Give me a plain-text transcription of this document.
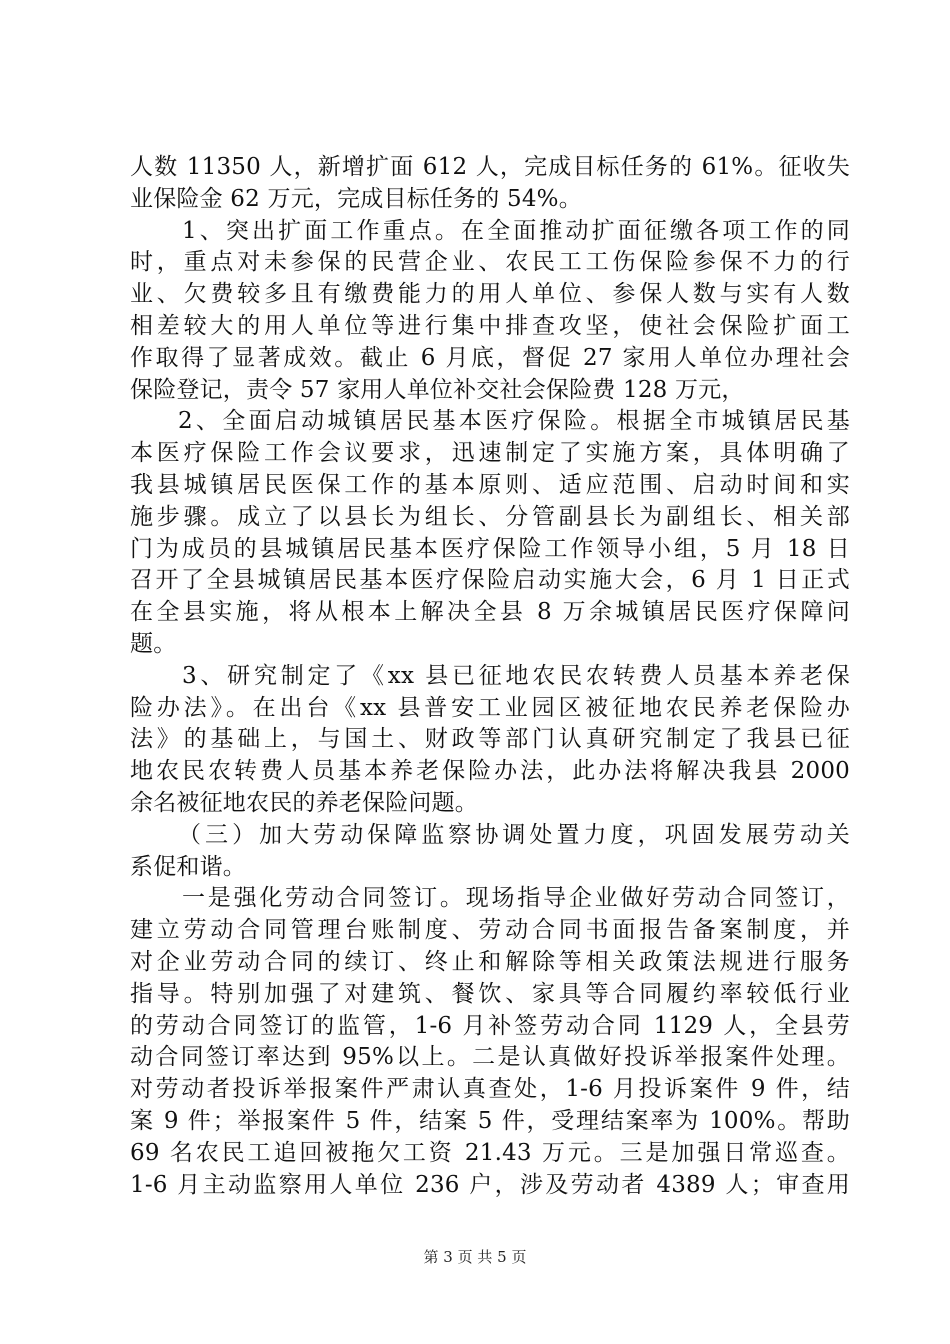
人数 11350 人，新增扩面 612 人，完成目标任务的 61%。征收失
业保险金 62 万元，完成目标任务的 54%。
1、突出扩面工作重点。在全面推动扩面征缴各项工作的同
时，重点对未参保的民营企业、农民工工伤保险参保不力的行
业、欠费较多且有缴费能力的用人单位、参保人数与实有人数
相差较大的用人单位等进行集中排查攻坚，使社会保险扩面工
作取得了显著成效。截止 6 月底，督促 27 家用人单位办理社会
保险登记，责令 57 家用人单位补交社会保险费 128 万元，
2、全面启动城镇居民基本医疗保险。根据全市城镇居民基
本医疗保险工作会议要求，迅速制定了实施方案，具体明确了
我县城镇居民医保工作的基本原则、适应范围、启动时间和实
施步骤。成立了以县长为组长、分管副县长为副组长、相关部
门为成员的县城镇居民基本医疗保险工作领导小组，5 月 18 日
召开了全县城镇居民基本医疗保险启动实施大会，6 月 1 日正式
在全县实施，将从根本上解决全县 8 万余城镇居民医疗保障问
题。
3、研究制定了《xx 县已征地农民农转费人员基本养老保
险办法》。在出台《xx 县普安工业园区被征地农民养老保险办
法》的基础上，与国土、财政等部门认真研究制定了我县已征
地农民农转费人员基本养老保险办法，此办法将解决我县 2000
余名被征地农民的养老保险问题。
（三）加大劳动保障监察协调处置力度，巩固发展劳动关
系促和谐。
一是强化劳动合同签订。现场指导企业做好劳动合同签订，
建立劳动合同管理台账制度、劳动合同书面报告备案制度，并
对企业劳动合同的续订、终止和解除等相关政策法规进行服务
指导。特别加强了对建筑、餐饮、家具等合同履约率较低行业
的劳动合同签订的监管，1-6 月补签劳动合同 1129 人，全县劳
动合同签订率达到 95%以上。二是认真做好投诉举报案件处理。
对劳动者投诉举报案件严肃认真查处，1-6 月投诉案件 9 件，结
案 9 件；举报案件 5 件，结案 5 件，受理结案率为 100%。帮助
69 名农民工追回被拖欠工资 21.43 万元。三是加强日常巡查。
1-6 月主动监察用人单位 236 户，涉及劳动者 4389 人；审查用
第 3 页 共 5 页
